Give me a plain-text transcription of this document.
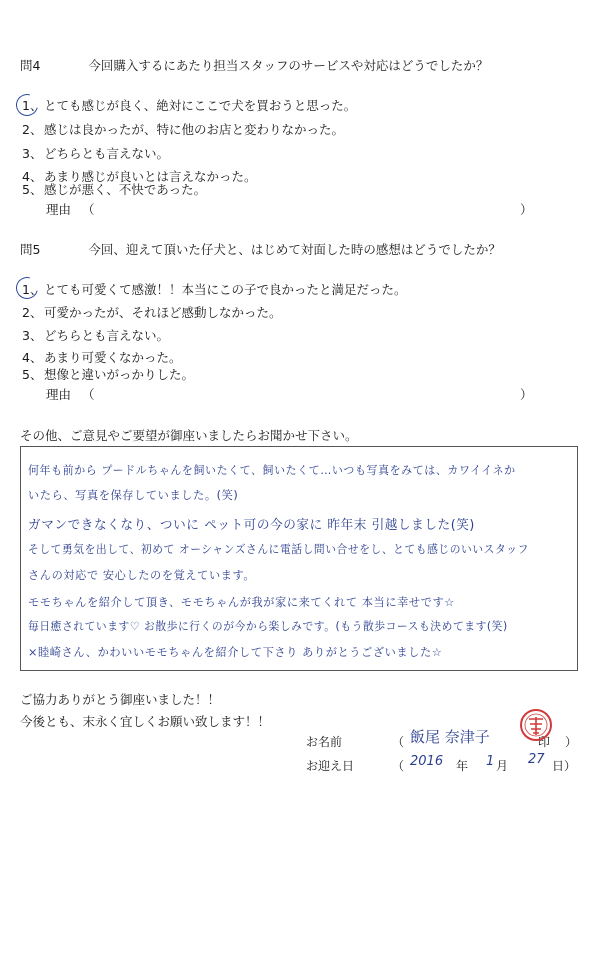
問4	今回購入するにあたり担当スタッフのサービスや対応はどうでしたか？
1、 とても感じが良く、絶対にここで犬を買おうと思った。
2、 感じは良かったが、特に他のお店と変わりなかった。
3、 どちらとも言えない。
4、 あまり感じが良いとは言えなかった。
5、 感じが悪く、不快であった。
理由 （	）
問5	今回、迎えて頂いた仔犬と、はじめて対面した時の感想はどうでしたか？
1、 とても可愛くて感激！！本当にこの子で良かったと満足だった。
2、 可愛かったが、それほど感動しなかった。
3、 どちらとも言えない。
4、 あまり可愛くなかった。
5、 想像と違いがっかりした。
理由 （	）
その他、ご意見やご要望が御座いましたらお聞かせ下さい。
何年も前から プードルちゃんを飼いたくて、飼いたくて…いつも写真をみては、カワイイネか
いたら、写真を保存していました。(笑)
ガマンできなくなり、ついに ペット可の今の家に 昨年末 引越しました(笑)
そして勇気を出して、初めて オーシャンズさんに電話し問い合せをし、とても感じのいいスタッフ
さんの対応で 安心したのを覚えています。
モモちゃんを紹介して頂き、モモちゃんが我が家に来てくれて 本当に幸せです☆
毎日癒されています♡ お散歩に行くのが今から楽しみです。(もう散歩コースも決めてます(笑)
×睦崎さん、かわいいモモちゃんを紹介して下さり ありがとうございました☆
ご協力ありがとう御座いました！！
今後とも、末永く宜しくお願い致します！！
お名前	（ 飯尾 奈津子	印 ）
お迎え日	（ 2016 年 1 月 27 日）
